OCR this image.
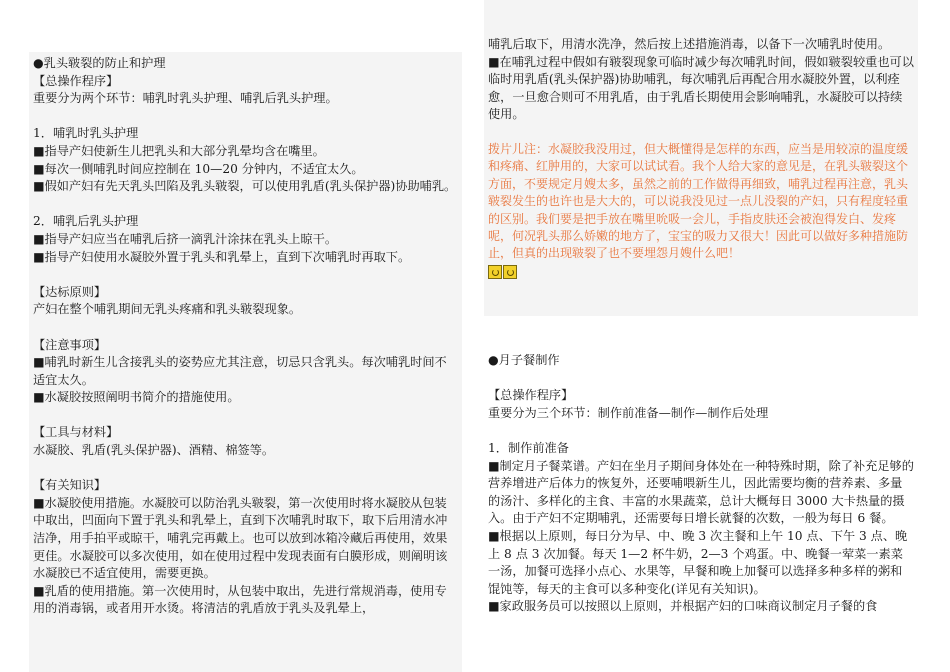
●乳头皲裂的防止和护理

【总操作程序】

重要分为两个环节：哺乳时乳头护理、哺乳后乳头护理。

1．哺乳时乳头护理

■指导产妇使新生儿把乳头和大部分乳晕均含在嘴里。

■每次一侧哺乳时间应控制在 10—20 分钟内，不适宜太久。

■假如产妇有先天乳头凹陷及乳头皲裂，可以使用乳盾(乳头保护器)协助哺乳。

2．哺乳后乳头护理

■指导产妇应当在哺乳后挤一滴乳汁涂抹在乳头上晾干。

■指导产妇使用水凝胶外置于乳头和乳晕上，直到下次哺乳时再取下。

【达标原则】

产妇在整个哺乳期间无乳头疼痛和乳头皲裂现象。

【注意事项】

■哺乳时新生儿含接乳头的姿势应尤其注意，切忌只含乳头。每次哺乳时间不适宜太久。

■水凝胶按照阐明书简介的措施使用。

【工具与材料】

水凝胶、乳盾(乳头保护器)、酒精、棉签等。

【有关知识】

■水凝胶使用措施。水凝胶可以防治乳头皲裂，第一次使用时将水凝胶从包装中取出，凹面向下置于乳头和乳晕上，直到下次哺乳时取下，取下后用清水冲洁净，用手拍平或晾干，哺乳完再戴上。也可以放到冰箱冷藏后再使用，效果更佳。水凝胶可以多次使用，如在使用过程中发现表面有白膜形成，则阐明该水凝胶已不适宜使用，需要更换。

■乳盾的使用措施。第一次使用时，从包装中取出，先进行常规消毒，使用专用的消毒锅，或者用开水烫。将清洁的乳盾放于乳头及乳晕上，

哺乳后取下，用清水洗净，然后按上述措施消毒，以备下一次哺乳时使用。

■在哺乳过程中假如有皲裂现象可临时减少每次哺乳时间，假如皲裂较重也可以临时用乳盾(乳头保护器)协助哺乳，每次哺乳后再配合用水凝胶外置，以利痊愈，一旦愈合则可不用乳盾，由于乳盾长期使用会影响哺乳，水凝胶可以持续使用。

拨片儿注：水凝胶我没用过，但大概懂得是怎样的东西，应当是用较凉的温度缓和疼痛、红肿用的，大家可以试试看。我个人给大家的意见是，在乳头皲裂这个方面，不要规定月嫂太多，虽然之前的工作做得再细致，哺乳过程再注意，乳头皲裂发生的也许也是大大的，可以说我没见过一点儿没裂的产妇，只有程度轻重的区别。我们要是把手放在嘴里吮吸一会儿，手指皮肤还会被泡得发白、发疼呢，何况乳头那么娇嫩的地方了，宝宝的吸力又很大！因此可以做好多种措施防止，但真的出现皲裂了也不要埋怨月嫂什么吧！

●月子餐制作

【总操作程序】

重要分为三个环节：制作前准备—制作—制作后处理

1．制作前准备

■制定月子餐菜谱。产妇在坐月子期间身体处在一种特殊时期，除了补充足够的营养增进产后体力的恢复外，还要哺喂新生儿，因此需要均衡的营养素、多量的汤汁、多样化的主食、丰富的水果蔬菜，总计大概每日 3000 大卡热量的摄入。由于产妇不定期哺乳，还需要每日增长就餐的次数，一般为每日 6 餐。

■根据以上原则，每日分为早、中、晚 3 次主餐和上午 10 点、下午 3 点、晚上 8 点 3 次加餐。每天 1—2 杯牛奶，2—3 个鸡蛋。中、晚餐一荤菜一素菜一汤，加餐可选择小点心、水果等，早餐和晚上加餐可以选择多种多样的粥和馄饨等，每天的主食可以多种变化(详见有关知识)。

■家政服务员可以按照以上原则，并根据产妇的口味商议制定月子餐的食
